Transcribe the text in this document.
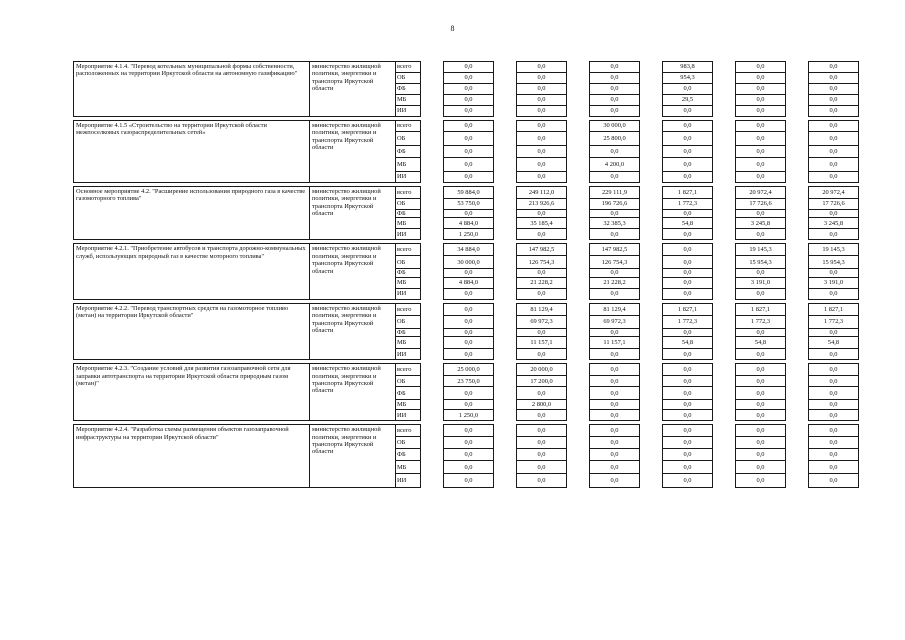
8
Мероприятие 4.1.4. "Перевод котельных муниципальной формы собственности, расположенных на территории Иркутской области на автономную газификацию"	министерство жилищной политики, энергетики и транспорта Иркутской области	всего		0,0		0,0		0,0		983,8		0,0		0,0
		ОБ		0,0		0,0		0,0		954,3		0,0		0,0
		ФБ		0,0		0,0		0,0		0,0		0,0		0,0
		МБ		0,0		0,0		0,0		29,5		0,0		0,0
		ИИ		0,0		0,0		0,0		0,0		0,0		0,0

Мероприятие 4.1.5 «Строительство на территории Иркутской области межпоселковых газораспределительных сетей»	министерство жилищной политики, энергетики и транспорта Иркутской области	всего		0,0		0,0		30 000,0		0,0		0,0		0,0
		ОБ		0,0		0,0		25 800,0		0,0		0,0		0,0
		ФБ		0,0		0,0		0,0		0,0		0,0		0,0
		МБ		0,0		0,0		4 200,0		0,0		0,0		0,0
		ИИ		0,0		0,0		0,0		0,0		0,0		0,0

Основное мероприятие 4.2. "Расширение использования природного газа в качестве газомоторного топлива"	министерство жилищной политики, энергетики и транспорта Иркутской области	всего		59 884,0		249 112,0		229 111,9		1 827,1		20 972,4		20 972,4
		ОБ		53 750,0		213 926,6		196 726,6		1 772,3		17 726,6		17 726,6
		ФБ		0,0		0,0		0,0		0,0		0,0		0,0
		МБ		4 884,0		35 185,4		32 385,3		54,8		3 245,8		3 245,8
		ИИ		1 250,0		0,0		0,0		0,0		0,0		0,0

Мероприятие 4.2.1. "Приобретение автобусов и транспорта дорожно-коммунальных служб, использующих природный газ в качестве моторного топлива"	министерство жилищной политики, энергетики и транспорта Иркутской области	всего		34 884,0		147 982,5		147 982,5		0,0		19 145,3		19 145,3
		ОБ		30 000,0		126 754,3		126 754,3		0,0		15 954,3		15 954,3
		ФБ		0,0		0,0		0,0		0,0		0,0		0,0
		МБ		4 884,0		21 228,2		21 228,2		0,0		3 191,0		3 191,0
		ИИ		0,0		0,0		0,0		0,0		0,0		0,0

Мероприятие 4.2.2. "Перевод транспортных средств на газомоторное топливо (метан) на территории Иркутской области"	министерство жилищной политики, энергетики и транспорта Иркутской области	всего		0,0		81 129,4		81 129,4		1 827,1		1 827,1		1 827,1
		ОБ		0,0		69 972,3		69 972,3		1 772,3		1 772,3		1 772,3
		ФБ		0,0		0,0		0,0		0,0		0,0		0,0
		МБ		0,0		11 157,1		11 157,1		54,8		54,8		54,8
		ИИ		0,0		0,0		0,0		0,0		0,0		0,0

Мероприятие 4.2.3. "Создание условий для развития газозаправочной сети для заправки автотранспорта на территории Иркутской области природным газом (метан)"	министерство жилищной политики, энергетики и транспорта Иркутской области	всего		25 000,0		20 000,0		0,0		0,0		0,0		0,0
		ОБ		23 750,0		17 200,0		0,0		0,0		0,0		0,0
		ФБ		0,0		0,0		0,0		0,0		0,0		0,0
		МБ		0,0		2 800,0		0,0		0,0		0,0		0,0
		ИИ		1 250,0		0,0		0,0		0,0		0,0		0,0

Мероприятие 4.2.4. "Разработка схемы размещения объектов газозаправочной инфраструктуры на территории Иркутской области"	министерство жилищной политики, энергетики и транспорта Иркутской области	всего		0,0		0,0		0,0		0,0		0,0		0,0
		ОБ		0,0		0,0		0,0		0,0		0,0		0,0
		ФБ		0,0		0,0		0,0		0,0		0,0		0,0
		МБ		0,0		0,0		0,0		0,0		0,0		0,0
		ИИ		0,0		0,0		0,0		0,0		0,0		0,0
